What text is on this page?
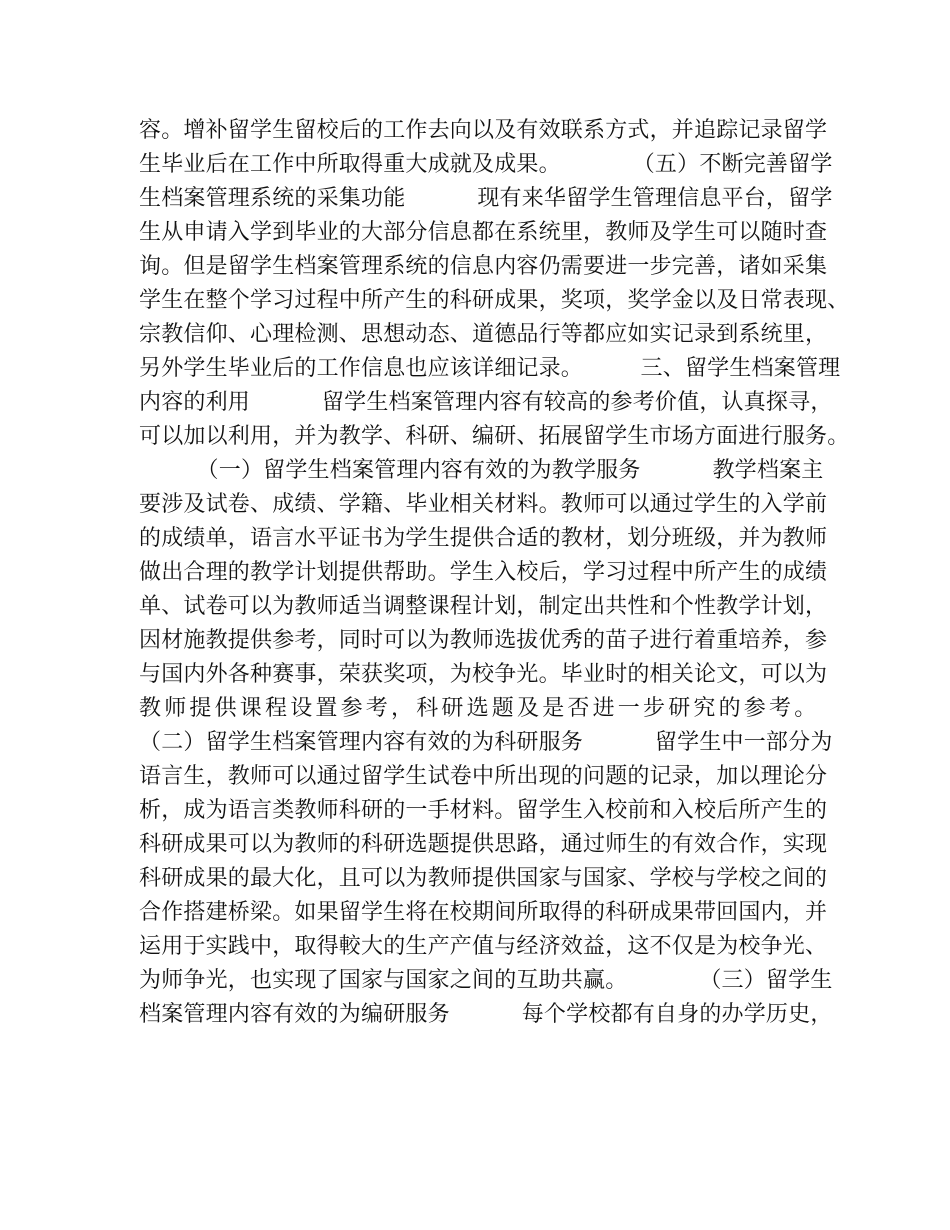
容。增补留学生留校后的工作去向以及有效联系方式，并追踪记录留学
生毕业后在工作中所取得重大成就及成果。          （五）不断完善留学
生档案管理系统的采集功能          现有来华留学生管理信息平台，留学
生从申请入学到毕业的大部分信息都在系统里，教师及学生可以随时查
询。但是留学生档案管理系统的信息内容仍需要进一步完善，诸如采集
学生在整个学习过程中所产生的科研成果，奖项，奖学金以及日常表现、
宗教信仰、心理检测、思想动态、道德品行等都应如实记录到系统里，
另外学生毕业后的工作信息也应该详细记录。        三、留学生档案管理
内容的利用          留学生档案管理内容有较高的参考价值，认真探寻，
可以加以利用，并为教学、科研、编研、拓展留学生市场方面进行服务。
（一）留学生档案管理内容有效的为教学服务          教学档案主
要涉及试卷、成绩、学籍、毕业相关材料。教师可以通过学生的入学前
的成绩单，语言水平证书为学生提供合适的教材，划分班级，并为教师
做出合理的教学计划提供帮助。学生入校后，学习过程中所产生的成绩
单、试卷可以为教师适当调整课程计划，制定出共性和个性教学计划，
因材施教提供参考，同时可以为教师选拔优秀的苗子进行着重培养，参
与国内外各种赛事，荣获奖项，为校争光。毕业时的相关论文，可以为
教师提供课程设置参考，科研选题及是否进一步研究的参考。
（二）留学生档案管理内容有效的为科研服务          留学生中一部分为
语言生，教师可以通过留学生试卷中所出现的问题的记录，加以理论分
析，成为语言类教师科研的一手材料。留学生入校前和入校后所产生的
科研成果可以为教师的科研选题提供思路，通过师生的有效合作，实现
科研成果的最大化，且可以为教师提供国家与国家、学校与学校之间的
合作搭建桥梁。如果留学生将在校期间所取得的科研成果带回国内，并
运用于实践中，取得較大的生产产值与经济效益，这不仅是为校争光、
为师争光，也实现了国家与国家之间的互助共赢。          （三）留学生
档案管理内容有效的为编研服务          每个学校都有自身的办学历史，
